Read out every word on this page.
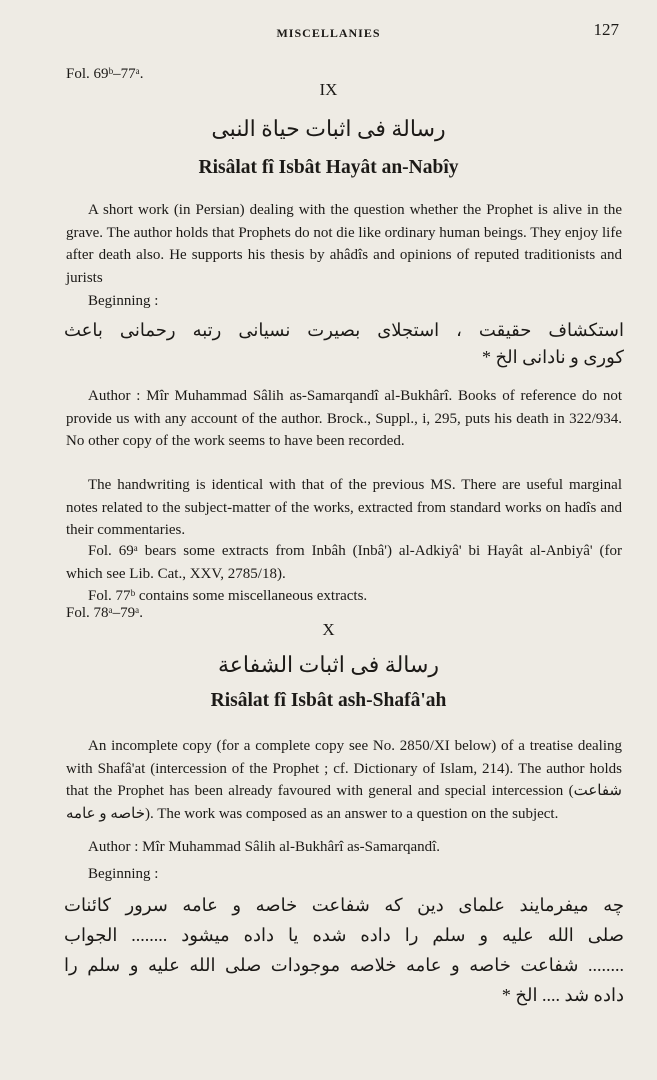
MISCELLANIES	127
Fol. 69ᵇ–77ᵃ.
IX
رسالة فی اثبات حیاة النبی
Risâlat fî Isbât Hayât an-Nabîy
A short work (in Persian) dealing with the question whether the Prophet is alive in the grave. The author holds that Prophets do not die like ordinary human beings. They enjoy life after death also. He supports his thesis by ahâdîs and opinions of reputed traditionists and jurists
Beginning :
استکشاف حقیقت ، استجلای بصیرت نسیانی رتبه رحمانی باعث
کوری و نادانی الخ *
Author : Mîr Muhammad Sâlih as-Samarqandî al-Bukhârî. Books of reference do not provide us with any account of the author. Brock., Suppl., i, 295, puts his death in 322/934. No other copy of the work seems to have been recorded.
The handwriting is identical with that of the previous MS. There are useful marginal notes related to the subject-matter of the works, extracted from standard works on hadîs and their commentaries.
Fol. 69ᵃ bears some extracts from Inbâh (Inbâ') al-Adkiyâ' bi Hayât al-Anbiyâ' (for which see Lib. Cat., XXV, 2785/18).
Fol. 77ᵇ contains some miscellaneous extracts.
Fol. 78ᵃ–79ᵃ.
X
رسالة فی اثبات الشفاعة
Risâlat fî Isbât ash-Shafâ'ah
An incomplete copy (for a complete copy see No. 2850/XI below) of a treatise dealing with Shafâ'at (intercession of the Prophet ; cf. Dictionary of Islam, 214). The author holds that the Prophet has been already favoured with general and special intercession (شفاعت خاصه و عامه). The work was composed as an answer to a question on the subject.
Author : Mîr Muhammad Sâlih al-Bukhârî as-Samarqandî.
Beginning :
چه میفرمایند علمای دین که شفاعت خاصه و عامه سرور کائنات
صلی الله علیه و سلم را داده شده یا داده میشود ........ الجواب
........ شفاعت خاصه و عامه خلاصه موجودات صلی الله علیه و سلم را
داده شد .... الخ *
